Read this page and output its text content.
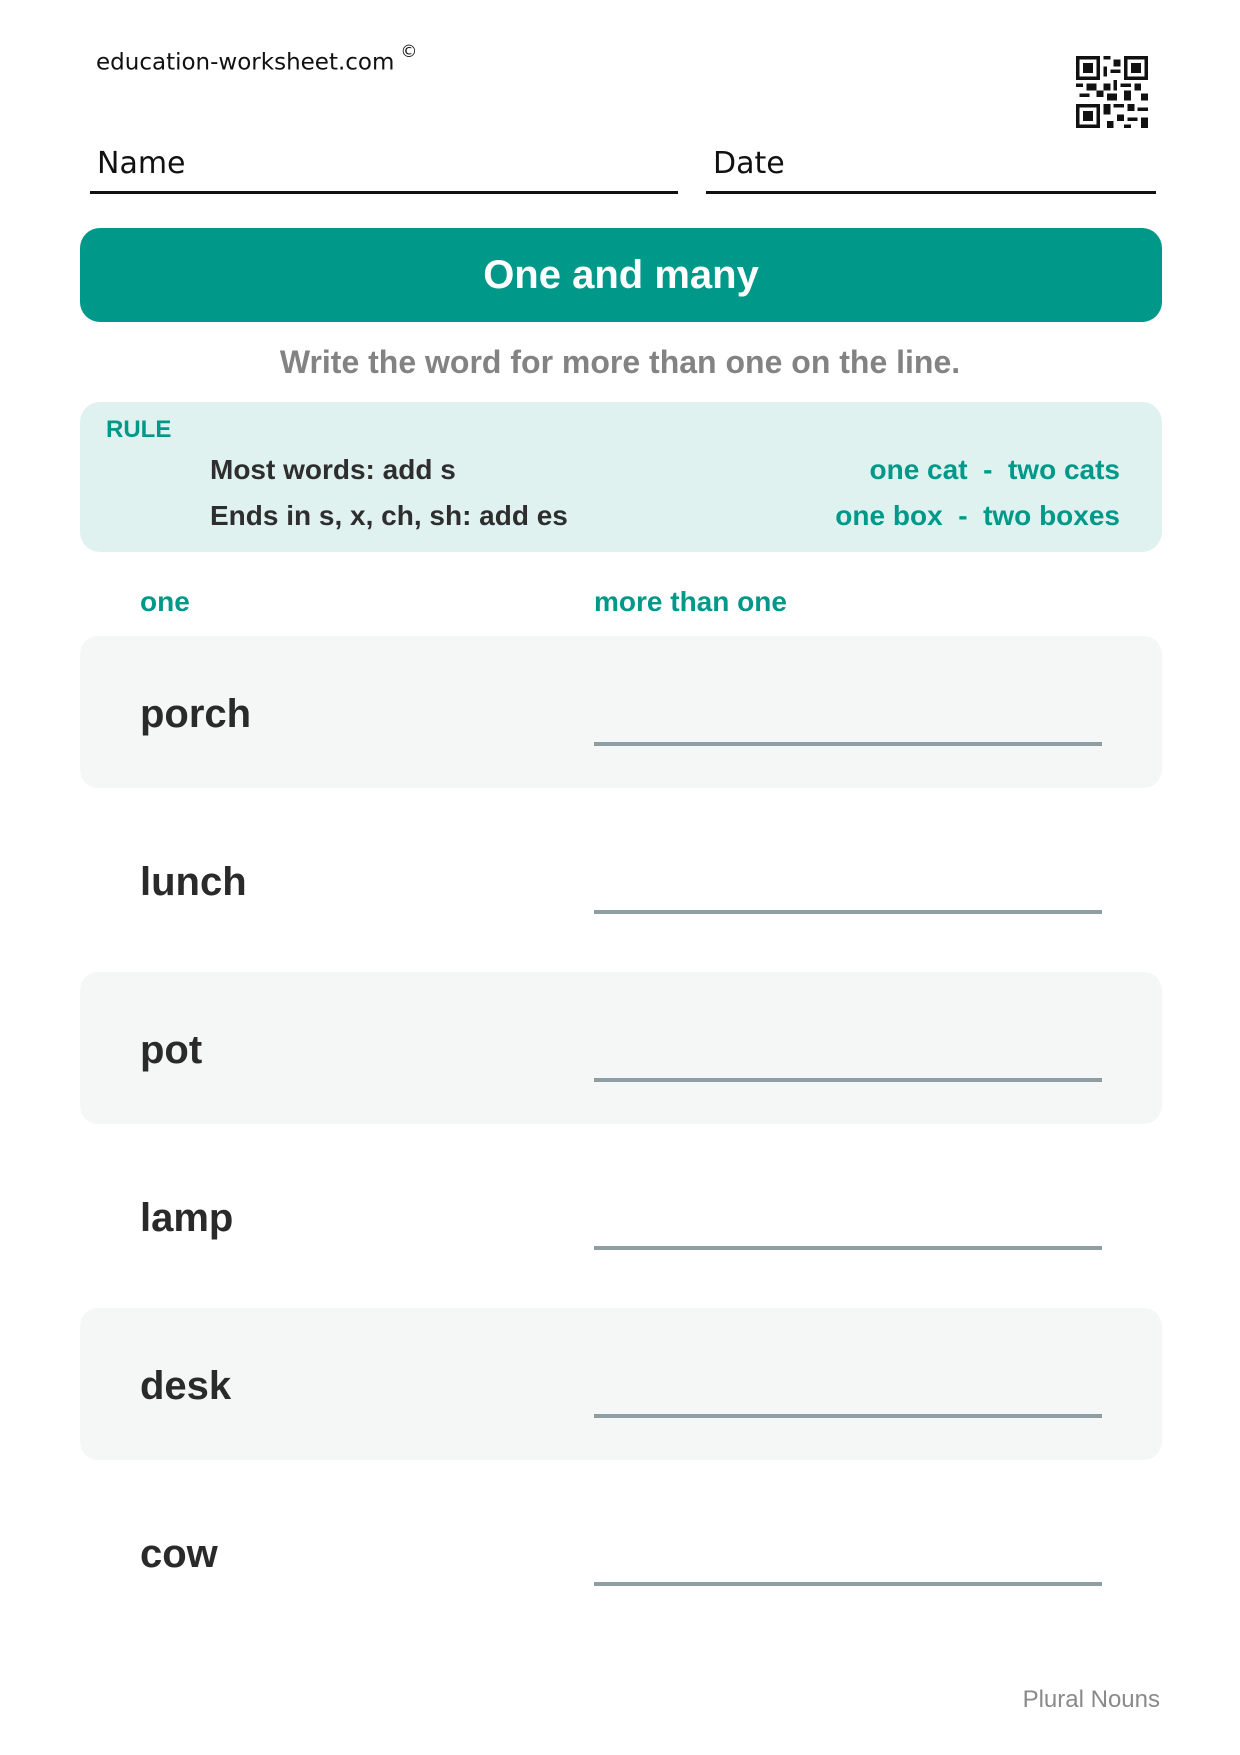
education-worksheet.com ©
Name	Date
One and many
Write the word for more than one on the line.
RULE
Most words: add s	one cat  -  two cats
Ends in s, x, ch, sh: add es	one box  -  two boxes
one	more than one
porch
lunch
pot
lamp
desk
cow
Plural Nouns
